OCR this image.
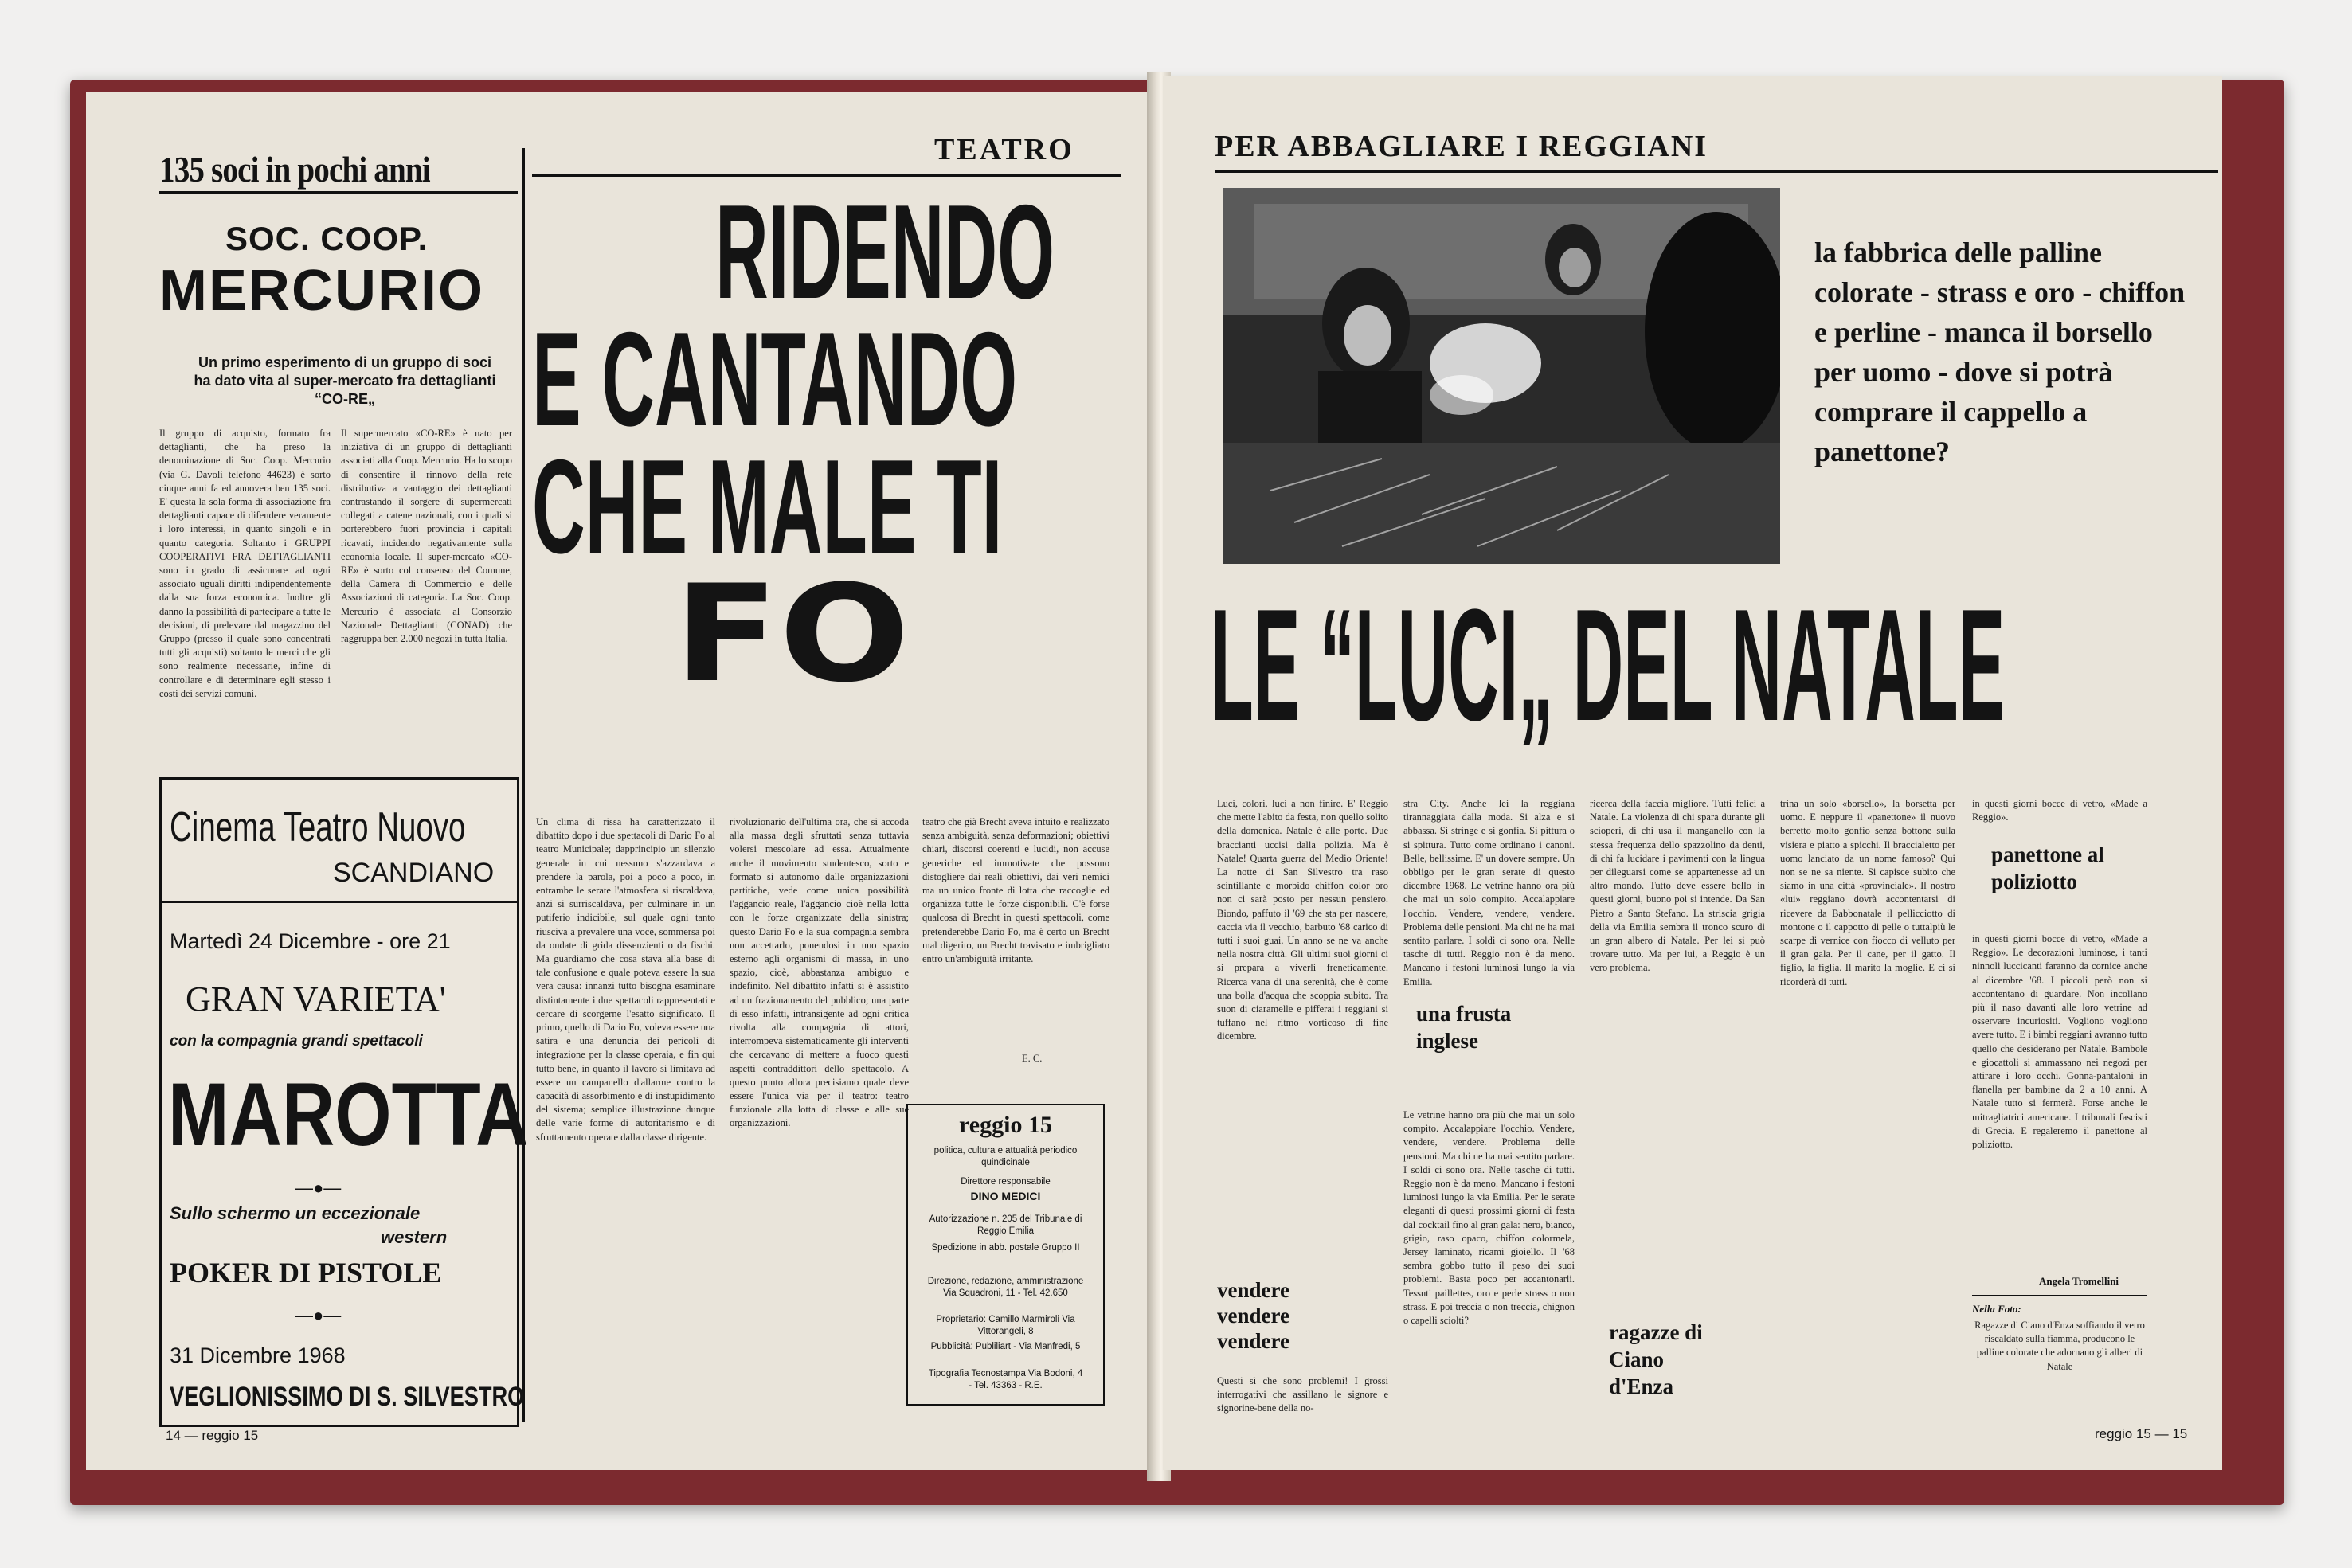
135 soci in pochi anni
SOC. COOP.
MERCURIO
Un primo esperimento di un gruppo di soci ha dato vita al super-mercato fra dettaglianti “CO-RE„
Il gruppo di acquisto, formato fra dettaglianti, che ha preso la denominazione di Soc. Coop. Mercurio (via G. Davoli telefono 44623) è sorto cinque anni fa ed annovera ben 135 soci. E' questa la sola forma di associazione fra dettaglianti capace di difendere veramente i loro interessi, in quanto singoli e in quanto categoria. Soltanto i GRUPPI COOPERATIVI FRA DETTAGLIANTI sono in grado di assicurare ad ogni associato uguali diritti indipendentemente dalla sua forza economica. Inoltre gli danno la possibilità di partecipare a tutte le decisioni, di prelevare dal magazzino del Gruppo (presso il quale sono concentrati tutti gli acquisti) soltanto le merci che gli sono realmente necessarie, infine di controllare e di determinare egli stesso i costi dei servizi comuni.
Il supermercato «CO-RE» è nato per iniziativa di un gruppo di dettaglianti associati alla Coop. Mercurio. Ha lo scopo di consentire il rinnovo della rete distributiva a vantaggio dei dettaglianti contrastando il sorgere di supermercati collegati a catene nazionali, con i quali si porterebbero fuori provincia i capitali ricavati, incidendo negativamente sulla economia locale. Il super-mercato «CO-RE» è sorto col consenso del Comune, della Camera di Commercio e delle Associazioni di categoria. La Soc. Coop. Mercurio è associata al Consorzio Nazionale Dettaglianti (CONAD) che raggruppa ben 2.000 negozi in tutta Italia.
Cinema Teatro Nuovo
SCANDIANO
Martedì 24 Dicembre - ore 21
GRAN VARIETA'
con la compagnia grandi spettacoli
MAROTTA
—●—
Sullo schermo un eccezionale
western
POKER DI PISTOLE
—●—
31 Dicembre 1968
VEGLIONISSIMO DI S. SILVESTRO
TEATRO
RIDENDO
E CANTANDO
CHE MALE TI
FO
Un clima di rissa ha caratterizzato il dibattito dopo i due spettacoli di Dario Fo al teatro Municipale; dapprincipio un silenzio generale in cui nessuno s'azzardava a prendere la parola, poi a poco a poco, in entrambe le serate l'atmosfera si riscaldava, anzi si surriscaldava, per culminare in un putiferio indicibile, sul quale ogni tanto riusciva a prevalere una voce, sommersa poi da ondate di grida dissenzienti o da fischi. Ma guardiamo che cosa stava alla base di tale confusione e quale poteva essere la sua vera causa: innanzi tutto bisogna esaminare distintamente i due spettacoli rappresentati e cercare di scorgerne l'esatto significato. Il primo, quello di Dario Fo, voleva essere una satira e una denuncia dei pericoli di integrazione per la classe operaia, e fin qui tutto bene, in quanto il lavoro si limitava ad essere un campanello d'allarme contro la capacità di assorbimento e di instupidimento del sistema; semplice illustrazione dunque delle varie forme di autoritarismo e di sfruttamento operate dalla classe dirigente.
rivoluzionario dell'ultima ora, che si accoda alla massa degli sfruttati senza tuttavia volersi mescolare ad essa. Attualmente anche il movimento studentesco, sorto e formato si autonomo dalle organizzazioni partitiche, vede come unica possibilità l'aggancio reale, l'aggancio cioè nella lotta con le forze organizzate della sinistra; questo Dario Fo e la sua compagnia sembra non accettarlo, ponendosi in uno spazio esterno agli organismi di massa, in uno spazio, cioè, abbastanza ambiguo e indefinito. Nel dibattito infatti si è assistito ad un frazionamento del pubblico; una parte di esso infatti, intransigente ad ogni critica rivolta alla compagnia di attori, interrompeva sistematicamente gli interventi che cercavano di mettere a fuoco questi aspetti contraddittori dello spettacolo. A questo punto allora precisiamo quale deve essere l'unica via per il teatro: teatro funzionale alla lotta di classe e alle sue organizzazioni.
teatro che già Brecht aveva intuito e realizzato senza ambiguità, senza deformazioni; obiettivi chiari, discorsi coerenti e lucidi, non accuse generiche ed immotivate che possono distogliere dai reali obiettivi, dai veri nemici ma un unico fronte di lotta che raccoglie ed organizza tutte le forze disponibili. C'è forse qualcosa di Brecht in questi spettacoli, come pretenderebbe Dario Fo, ma è certo un Brecht mal digerito, un Brecht travisato e imbrigliato entro un'ambiguità irritante.
E. C.
reggio 15
politica, cultura e attualità periodico quindicinale
Direttore responsabile
DINO MEDICI
Autorizzazione n. 205 del Tribunale di Reggio Emilia
Spedizione in abb. postale Gruppo II
Direzione, redazione, amministrazione Via Squadroni, 11 - Tel. 42.650
Proprietario: Camillo Marmiroli Via Vittorangeli, 8
Pubblicità: Publiliart - Via Manfredi, 5
Tipografia Tecnostampa Via Bodoni, 4 - Tel. 43363 - R.E.
14 — reggio 15
PER ABBAGLIARE I REGGIANI
la fabbrica delle palline colorate - strass e oro - chiffon e perline - manca il borsello per uomo - dove si potrà comprare il cappello a panettone?
LE “LUCI„ DEL NATALE
Luci, colori, luci a non finire. E' Reggio che mette l'abito da festa, non quello solito della domenica. Natale è alle porte. Due braccianti uccisi dalla polizia. Ma è Natale! Quarta guerra del Medio Oriente! La notte di San Silvestro tra raso scintillante e morbido chiffon color oro non ci sarà posto per nessun pensiero. Biondo, paffuto il '69 che sta per nascere, caccia via il vecchio, barbuto '68 carico di tutti i suoi guai. Un anno se ne va anche nella nostra città. Gli ultimi suoi giorni ci si prepara a viverli freneticamente. Ricerca vana di una serenità, che è come una bolla d'acqua che scoppia subito. Tra suon di ciaramelle e pifferai i reggiani si tuffano nel ritmo vorticoso di fine dicembre.
vendere vendere vendere
Questi sì che sono problemi! I grossi interrogativi che assillano le signore e signorine-bene della no-
stra City. Anche lei la reggiana tirannaggiata dalla moda. Si alza e si abbassa. Si stringe e si gonfia. Si pittura o si spittura. Tutto come ordinano i canoni. Belle, bellissime. E' un dovere sempre. Un obbligo per le gran serate di questo dicembre 1968. Le vetrine hanno ora più che mai un solo compito. Accalappiare l'occhio. Vendere, vendere, vendere. Problema delle pensioni. Ma chi ne ha mai sentito parlare. I soldi ci sono ora. Nelle tasche di tutti. Reggio non è da meno. Mancano i festoni luminosi lungo la via Emilia.
una frusta inglese
Le vetrine hanno ora più che mai un solo compito. Accalappiare l'occhio. Vendere, vendere, vendere. Problema delle pensioni. Ma chi ne ha mai sentito parlare. I soldi ci sono ora. Nelle tasche di tutti. Reggio non è da meno. Mancano i festoni luminosi lungo la via Emilia. Per le serate eleganti di questi prossimi giorni di festa dal cocktail fino al gran gala: nero, bianco, grigio, raso opaco, chiffon colormela, Jersey laminato, ricami gioiello. Il '68 sembra gobbo tutto il peso dei suoi problemi. Basta poco per accantonarli. Tessuti paillettes, oro e perle strass o non strass. E poi treccia o non treccia, chignon o capelli sciolti?
ricerca della faccia migliore. Tutti felici a Natale. La violenza di chi spara durante gli scioperi, di chi usa il manganello con la stessa frequenza dello spazzolino da denti, di chi fa lucidare i pavimenti con la lingua per dileguarsi come se appartenesse ad un altro mondo. Tutto deve essere bello in questi giorni, buono poi si intende. Da San Pietro a Santo Stefano. La striscia grigia della via Emilia sembra il tronco scuro di un gran albero di Natale. Per lei si può trovare tutto. Ma per lui, a Reggio è un vero problema.
ragazze di Ciano d'Enza
trina un solo «borsello», la borsetta per uomo. E neppure il «panettone» il nuovo berretto molto gonfio senza bottone sulla visiera e piatto a spicchi. Il braccialetto per uomo lanciato da un nome famoso? Qui non se ne sa niente. Si capisce subito che siamo in una città «provinciale». Il nostro «lui» reggiano dovrà accontentarsi di ricevere da Babbonatale il pellicciotto di montone o il cappotto di pelle o tuttalpiù le scarpe di vernice con fiocco di velluto per il gran gala. Per il cane, per il gatto. Il figlio, la figlia. Il marito la moglie. E ci si ricorderà di tutti.
in questi giorni bocce di vetro, «Made a Reggio».
panettone al poliziotto
in questi giorni bocce di vetro, «Made a Reggio». Le decorazioni luminose, i tanti ninnoli luccicanti faranno da cornice anche al dicembre '68. I piccoli però non si accontentano di guardare. Non incollano più il naso davanti alle loro vetrine ad osservare incuriositi. Vogliono vogliono avere tutto. E i bimbi reggiani avranno tutto quello che desiderano per Natale. Bambole e giocattoli si ammassano nei negozi per attirare i loro occhi. Gonna-pantaloni in flanella per bambine da 2 a 10 anni. A Natale tutto si fermerà. Forse anche le mitragliatrici americane. I tribunali fascisti di Grecia. E regaleremo il panettone al poliziotto.
Angela Tromellini
Nella Foto:
Ragazze di Ciano d'Enza soffiando il vetro riscaldato sulla fiamma, producono le palline colorate che adornano gli alberi di Natale
reggio 15 — 15
